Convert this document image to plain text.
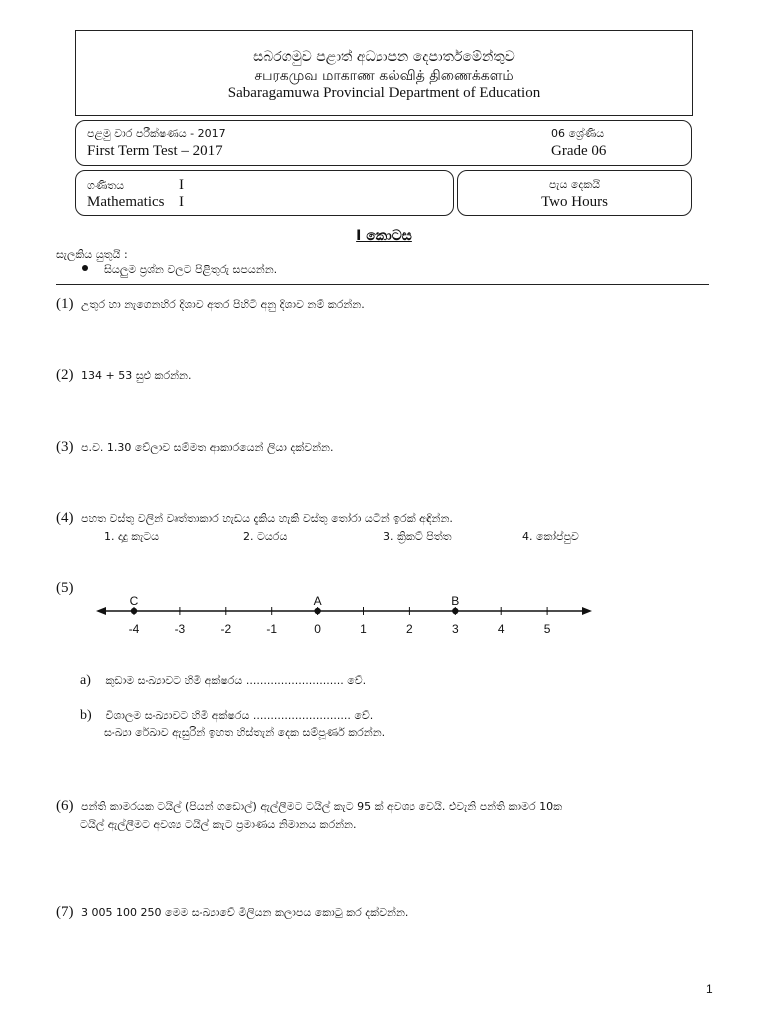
සබරගමුව පළාත් අධ්‍යාපන දෙපාර්තමේන්තුව
சபரகமுவ மாகாண கல்வித் திணைக்களம்
Sabaragamuwa Provincial Department of Education
පළමු වාර පරීක්ෂණය - 2017
First Term Test – 2017
06 ශ්‍රේණිය
Grade 06
ගණිතය	I
Mathematics I
පැය දෙකයි
Two Hours
I කොටස
සැලකිය යුතුයි :
සියලුම ප්‍රශ්න වලට පිළිතුරු සපයන්න.
(1) උතුර හා නැගෙනහිර දිශාව අතර පිහිටි අනු දිශාව නම් කරන්න.
(2) 134 + 53 සුළු කරන්න.
(3) ප.ව. 1.30 වේලාව සම්මත ආකාරයෙන් ලියා දක්වන්න.
(4) පහත වස්තු වලින් වෘත්තාකාර හැඩය දැකිය හැකි වස්තු තෝරා යටින් ඉරක් අඳින්න.
1. දාදු කැටය	2. ටයරය	3. ක්‍රිකට් පිත්ත	4. කෝප්පුව
(5)
-4	-3	-2	-1	0	1	2	3	4	5
C	A	B
a) කුඩාම සංඛ්‍යාවට හිමි අක්ෂරය ............................ වේ.
b) විශාලම සංඛ්‍යාවට හිමි අක්ෂරය ............................ වේ.
සංඛ්‍යා රේඛාව ඇසුරින් ඉහත හිස්තැන් දෙක සම්පූර්ණ කරන්න.
(6) පන්ති කාමරයක ටයිල් (පියන් ගඩොල්) ඇල්ලීමට ටයිල් කැට 95 ක් අවශ්‍ය වෙයි. එවැනි පන්ති කාමර 10ක
ටයිල් ඇල්ලීමට අවශ්‍ය ටයිල් කැට ප්‍රමාණය නිමානය කරන්න.
(7) 3 005 100 250 මෙම සංඛ්‍යාවේ මිලියන කලාපය කොටු කර දක්වන්න.
1
